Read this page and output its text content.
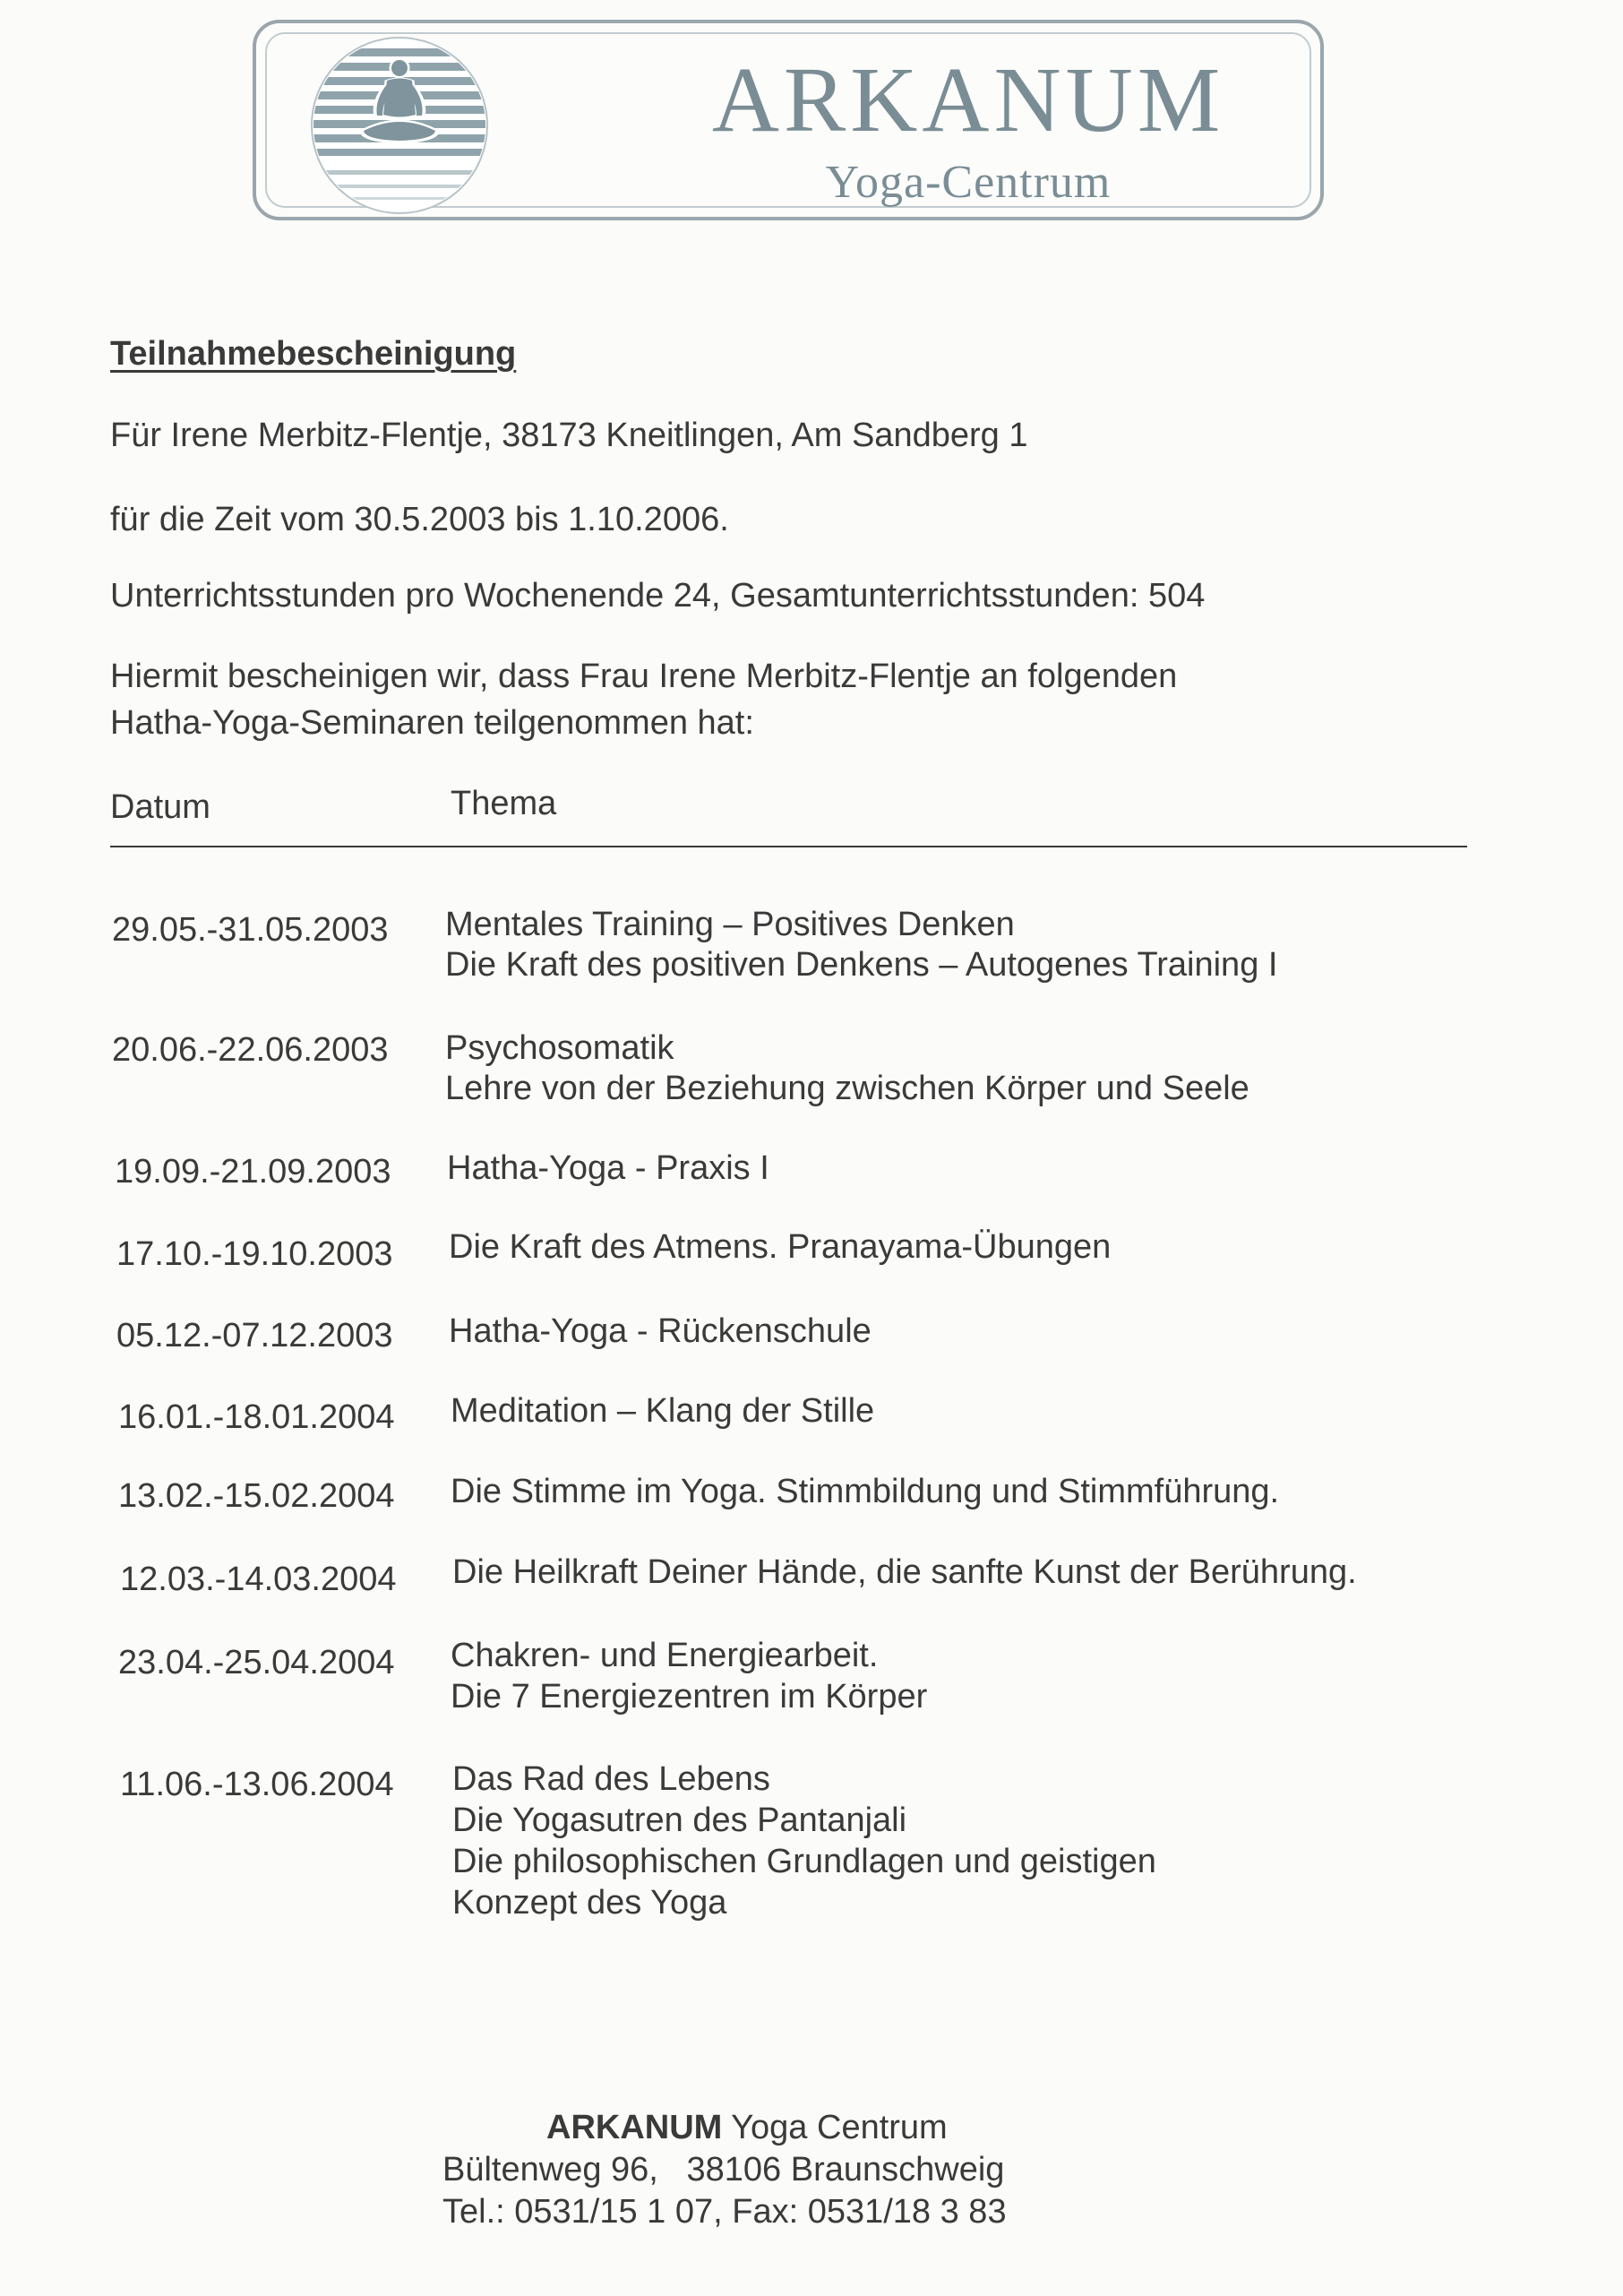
ARKANUM
Yoga-Centrum
Teilnahmebescheinigung
Für Irene Merbitz-Flentje, 38173 Kneitlingen, Am Sandberg 1
für die Zeit vom 30.5.2003 bis 1.10.2006.
Unterrichtsstunden pro Wochenende 24, Gesamtunterrichtsstunden: 504
Hiermit bescheinigen wir, dass Frau Irene Merbitz-Flentje an folgenden
Hatha-Yoga-Seminaren teilgenommen hat:
Datum	Thema
29.05.-31.05.2003 Mentales Training – Positives Denken
Die Kraft des positiven Denkens – Autogenes Training I
20.06.-22.06.2003 Psychosomatik
Lehre von der Beziehung zwischen Körper und Seele
19.09.-21.09.2003 Hatha-Yoga - Praxis I
17.10.-19.10.2003 Die Kraft des Atmens. Pranayama-Übungen
05.12.-07.12.2003 Hatha-Yoga - Rückenschule
16.01.-18.01.2004 Meditation – Klang der Stille
13.02.-15.02.2004 Die Stimme im Yoga. Stimmbildung und Stimmführung.
12.03.-14.03.2004 Die Heilkraft Deiner Hände, die sanfte Kunst der Berührung.
23.04.-25.04.2004 Chakren- und Energiearbeit.
Die 7 Energiezentren im Körper
11.06.-13.06.2004 Das Rad des Lebens
Die Yogasutren des Pantanjali
Die philosophischen Grundlagen und geistigen
Konzept des Yoga
ARKANUM Yoga Centrum
Bültenweg 96,   38106 Braunschweig
Tel.: 0531/15 1 07, Fax: 0531/18 3 83
